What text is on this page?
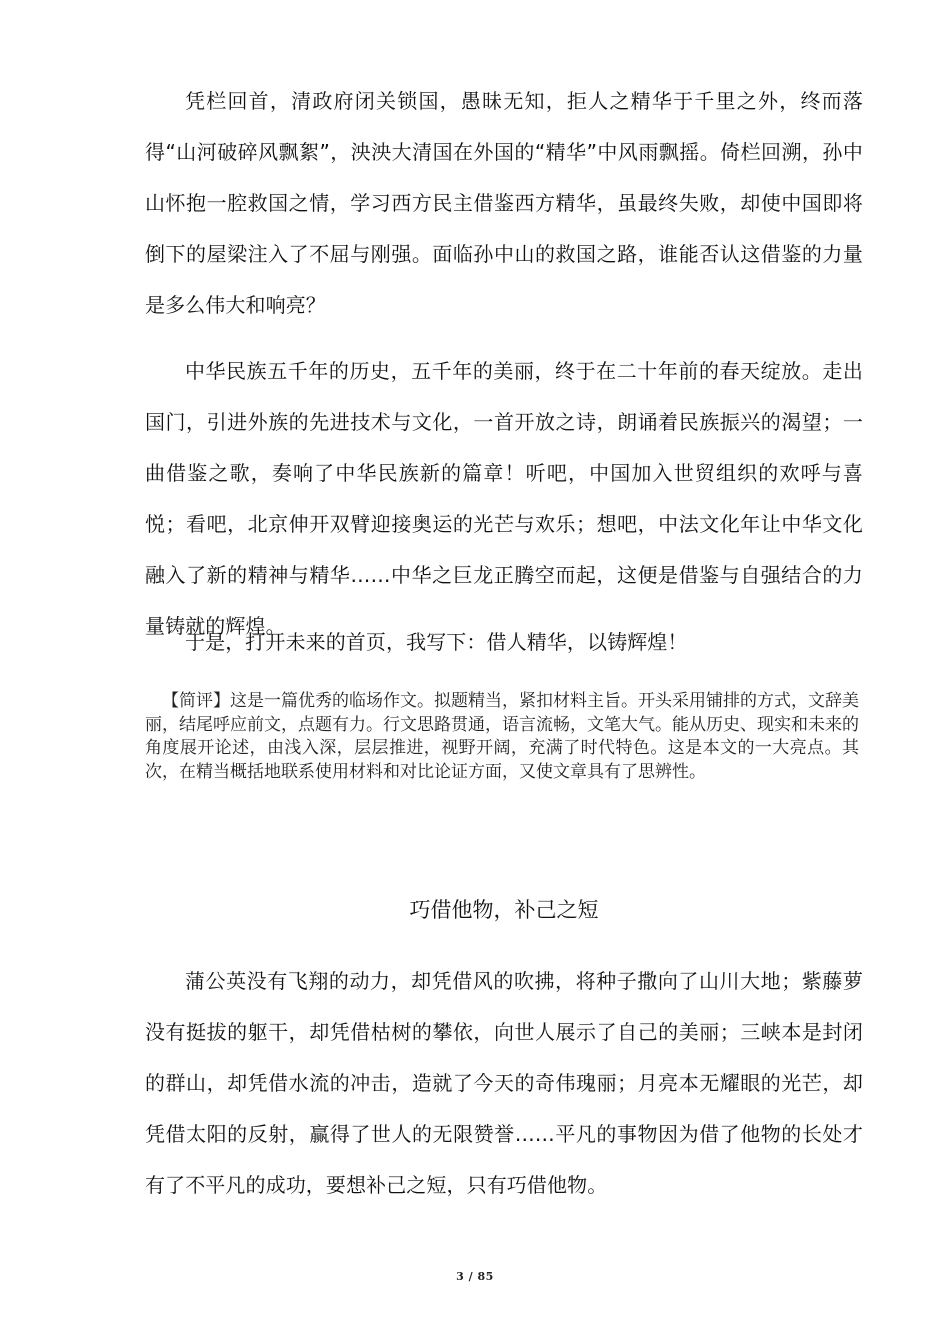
凭栏回首，清政府闭关锁国，愚昧无知，拒人之精华于千里之外，终而落得“山河破碎风飘絮”，泱泱大清国在外国的“精华”中风雨飘摇。倚栏回溯，孙中山怀抱一腔救国之情，学习西方民主借鉴西方精华，虽最终失败，却使中国即将倒下的屋梁注入了不屈与刚强。面临孙中山的救国之路，谁能否认这借鉴的力量是多么伟大和响亮？

中华民族五千年的历史，五千年的美丽，终于在二十年前的春天绽放。走出国门，引进外族的先进技术与文化，一首开放之诗，朗诵着民族振兴的渴望；一曲借鉴之歌，奏响了中华民族新的篇章！听吧，中国加入世贸组织的欢呼与喜悦；看吧，北京伸开双臂迎接奥运的光芒与欢乐；想吧，中法文化年让中华文化融入了新的精神与精华……中华之巨龙正腾空而起，这便是借鉴与自强结合的力量铸就的辉煌。

于是，打开未来的首页，我写下：借人精华，以铸辉煌！

【简评】这是一篇优秀的临场作文。拟题精当，紧扣材料主旨。开头采用铺排的方式，文辞美丽，结尾呼应前文，点题有力。行文思路贯通，语言流畅，文笔大气。能从历史、现实和未来的角度展开论述，由浅入深，层层推进，视野开阔，充满了时代特色。这是本文的一大亮点。其次，在精当概括地联系使用材料和对比论证方面，又使文章具有了思辨性。

巧借他物，补己之短

蒲公英没有飞翔的动力，却凭借风的吹拂，将种子撒向了山川大地；紫藤萝没有挺拔的躯干，却凭借枯树的攀依，向世人展示了自己的美丽；三峡本是封闭的群山，却凭借水流的冲击，造就了今天的奇伟瑰丽；月亮本无耀眼的光芒，却凭借太阳的反射，赢得了世人的无限赞誉……平凡的事物因为借了他物的长处才有了不平凡的成功，要想补己之短，只有巧借他物。

3 / 85
